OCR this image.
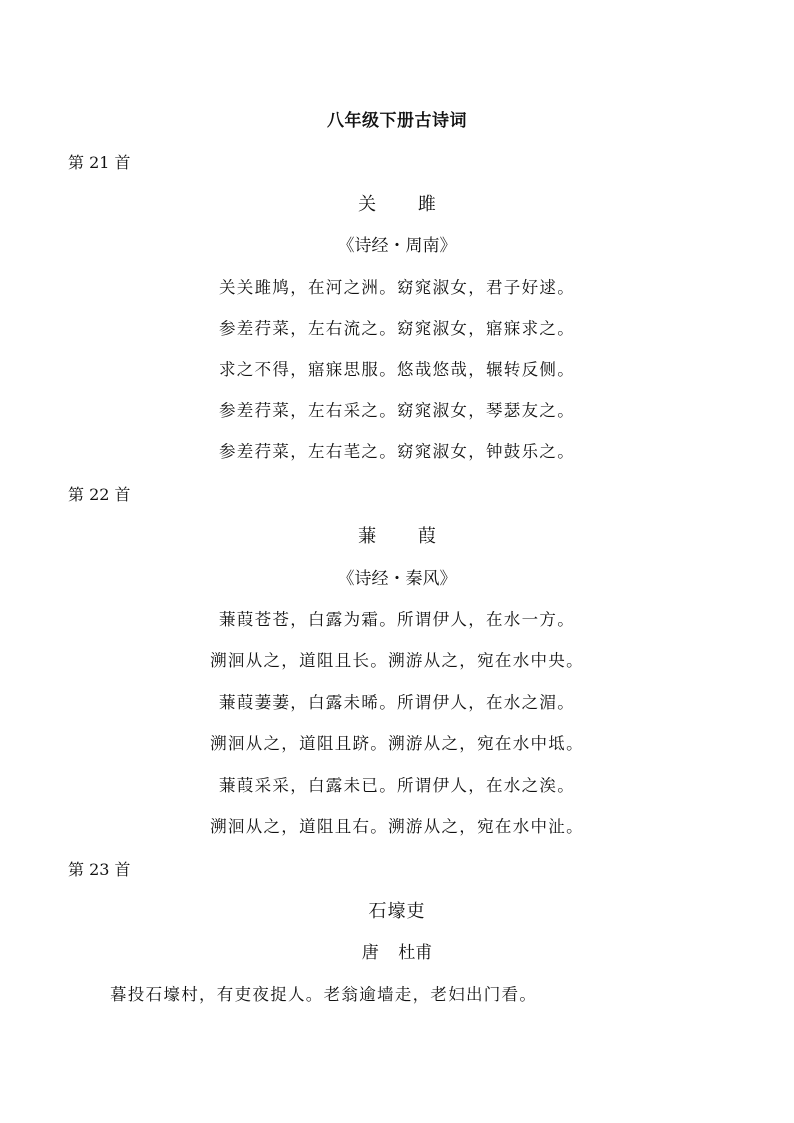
八年级下册古诗词
第 21 首
关 雎
《诗经・周南》
关关雎鸠，在河之洲。窈窕淑女，君子好逑。
参差荇菜，左右流之。窈窕淑女，寤寐求之。
求之不得，寤寐思服。悠哉悠哉，辗转反侧。
参差荇菜，左右采之。窈窕淑女，琴瑟友之。
参差荇菜，左右芼之。窈窕淑女，钟鼓乐之。
第 22 首
蒹 葭
《诗经・秦风》
蒹葭苍苍，白露为霜。所谓伊人，在水一方。
溯洄从之，道阻且长。溯游从之，宛在水中央。
蒹葭萋萋，白露未晞。所谓伊人，在水之湄。
溯洄从之，道阻且跻。溯游从之，宛在水中坻。
蒹葭采采，白露未已。所谓伊人，在水之涘。
溯洄从之，道阻且右。溯游从之，宛在水中沚。
第 23 首
石壕吏
唐 杜甫
暮投石壕村，有吏夜捉人。老翁逾墙走，老妇出门看。
